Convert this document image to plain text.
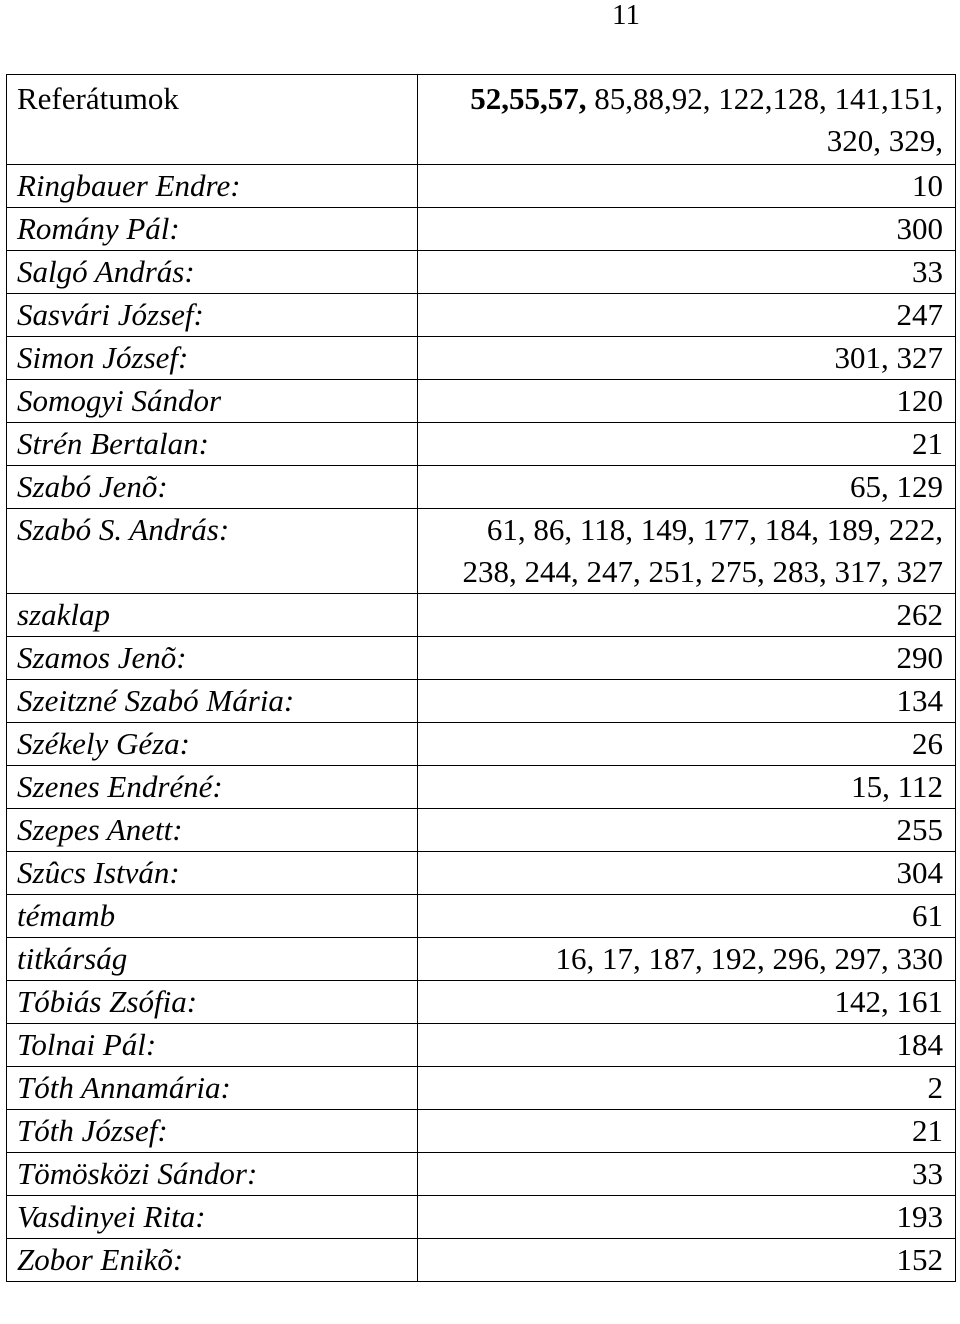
11
Referátumok	52,55,57, 85,88,92, 122,128, 141,151, 320, 329,
Ringbauer Endre:	10
Romány Pál:	300
Salgó András:	33
Sasvári József:	247
Simon József:	301, 327
Somogyi Sándor	120
Strén Bertalan:	21
Szabó Jenõ:	65, 129
Szabó S. András:	61, 86, 118, 149, 177, 184, 189, 222, 238, 244, 247, 251, 275, 283, 317, 327
szaklap	262
Szamos Jenõ:	290
Szeitzné Szabó Mária:	134
Székely Géza:	26
Szenes Endréné:	15, 112
Szepes Anett:	255
Szûcs István:	304
témamb	61
titkárság	16, 17, 187, 192, 296, 297, 330
Tóbiás Zsófia:	142, 161
Tolnai Pál:	184
Tóth Annamária:	2
Tóth József:	21
Tömösközi Sándor:	33
Vasdinyei Rita:	193
Zobor Enikõ:	152
